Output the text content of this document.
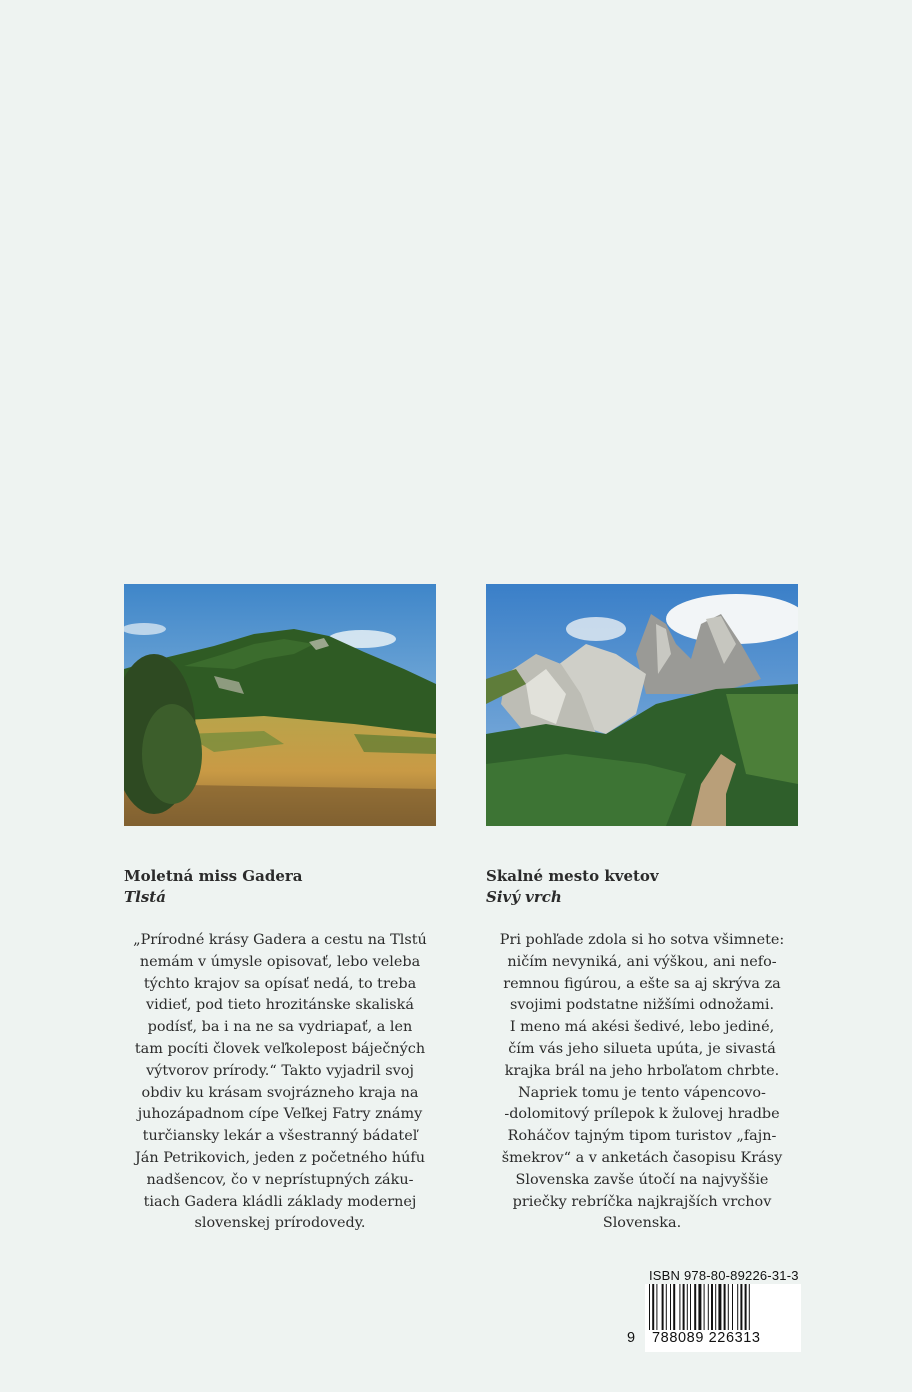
Moletná miss Gadera
Tlstá
Skalné mesto kvetov
Sivý vrch
„Prírodné krásy Gadera a cestu na Tlstú
nemám v úmysle opisovať, lebo veleba
týchto krajov sa opísať nedá, to treba
vidieť, pod tieto hrozitánske skaliská
podísť, ba i na ne sa vydriapať, a len
tam pocíti človek veľkolepost báječných
výtvorov prírody.“ Takto vyjadril svoj
obdiv ku krásam svojrázneho kraja na
juhozápadnom cípe Veľkej Fatry známy
turčiansky lekár a všestranný bádateľ
Ján Petrikovich, jeden z početného húfu
nadšencov, čo v neprístupných záku-
tiach Gadera kládli základy modernej
slovenskej prírodovedy.
Pri pohľade zdola si ho sotva všimnete:
ničím nevyniká, ani výškou, ani nefo-
remnou figúrou, a ešte sa aj skrýva za
svojimi podstatne nižšími odnožami.
I meno má akési šedivé, lebo jediné,
čím vás jeho silueta upúta, je sivastá
krajka brál na jeho hrboľatom chrbte.
Napriek tomu je tento vápencovo-
-dolomitový prílepok k žulovej hradbe
Roháčov tajným tipom turistov „fajn-
šmekrov“ a v anketách časopisu Krásy
Slovenska zavše útočí na najvyššie
priečky rebríčka najkrajších vrchov
Slovenska.
ISBN 978-80-89226-31-3
9 788089 226313
